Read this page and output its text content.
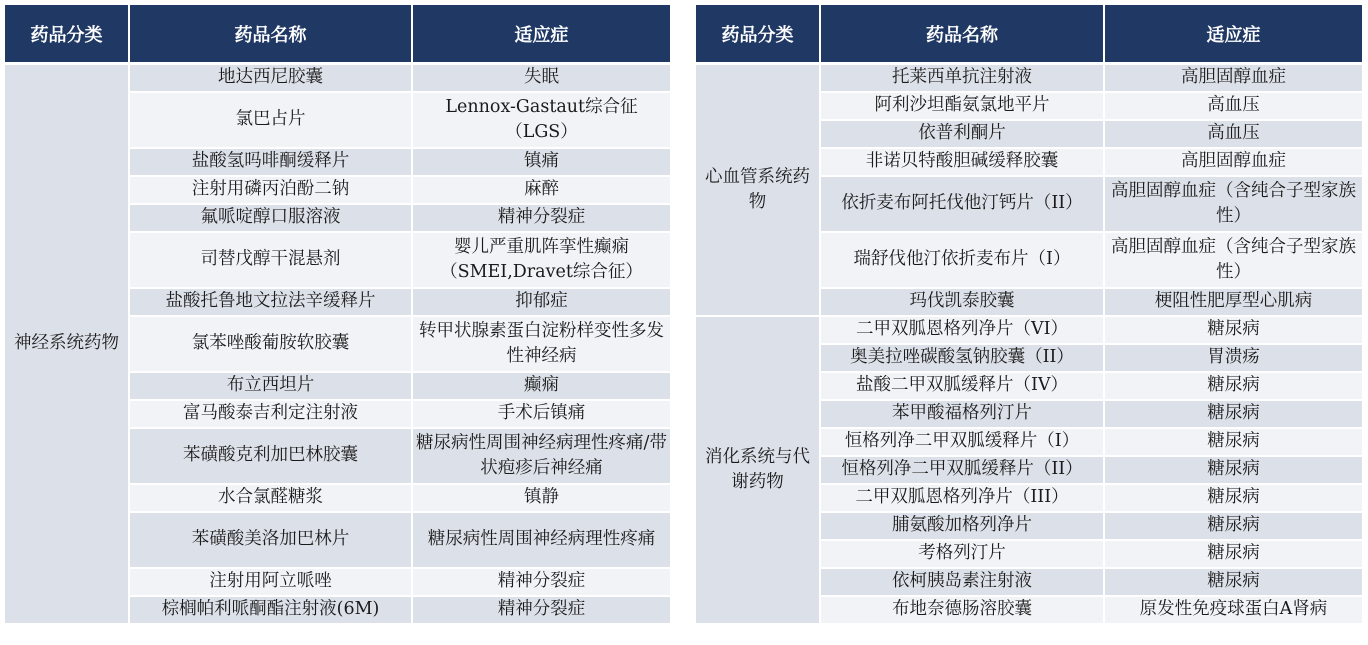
药品分类	药品名称	适应症
神经系统药物	地达西尼胶囊	失眠
	氯巴占片	Lennox-Gastaut综合征（LGS）
	盐酸氢吗啡酮缓释片	镇痛
	注射用磷丙泊酚二钠	麻醉
	氟哌啶醇口服溶液	精神分裂症
	司替戊醇干混悬剂	婴儿严重肌阵挛性癫痫（SMEI,Dravet综合征）
	盐酸托鲁地文拉法辛缓释片	抑郁症
	氯苯唑酸葡胺软胶囊	转甲状腺素蛋白淀粉样变性多发性神经病
	布立西坦片	癫痫
	富马酸泰吉利定注射液	手术后镇痛
	苯磺酸克利加巴林胶囊	糖尿病性周围神经病理性疼痛/带状疱疹后神经痛
	水合氯醛糖浆	镇静
	苯磺酸美洛加巴林片	糖尿病性周围神经病理性疼痛
	注射用阿立哌唑	精神分裂症
	棕榈帕利哌酮酯注射液(6M)	精神分裂症
药品分类	药品名称	适应症
心血管系统药物	托莱西单抗注射液	高胆固醇血症
	阿利沙坦酯氨氯地平片	高血压
	依普利酮片	高血压
	非诺贝特酸胆碱缓释胶囊	高胆固醇血症
	依折麦布阿托伐他汀钙片（II）	高胆固醇血症（含纯合子型家族性）
	瑞舒伐他汀依折麦布片（I）	高胆固醇血症（含纯合子型家族性）
	玛伐凯泰胶囊	梗阻性肥厚型心肌病
消化系统与代谢药物	二甲双胍恩格列净片（VI）	糖尿病
	奥美拉唑碳酸氢钠胶囊（II）	胃溃疡
	盐酸二甲双胍缓释片（IV）	糖尿病
	苯甲酸福格列汀片	糖尿病
	恒格列净二甲双胍缓释片（I）	糖尿病
	恒格列净二甲双胍缓释片（II）	糖尿病
	二甲双胍恩格列净片（III）	糖尿病
	脯氨酸加格列净片	糖尿病
	考格列汀片	糖尿病
	依柯胰岛素注射液	糖尿病
	布地奈德肠溶胶囊	原发性免疫球蛋白A肾病
